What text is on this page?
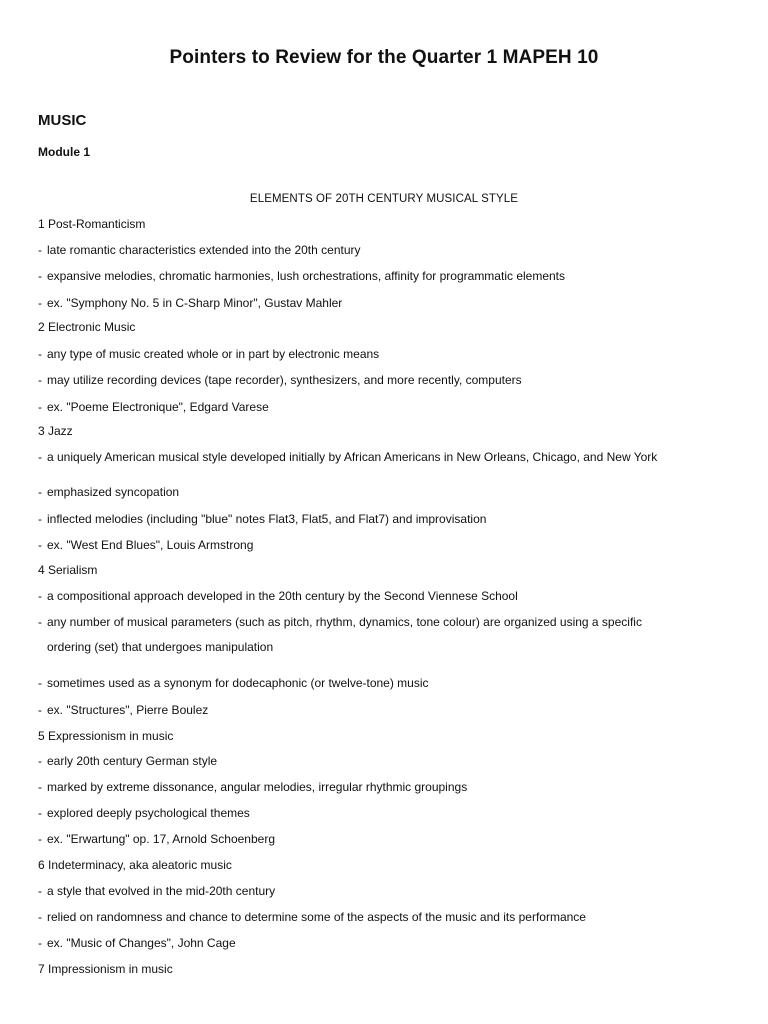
Pointers to Review for the Quarter 1 MAPEH 10
MUSIC
Module 1
ELEMENTS OF 20TH CENTURY MUSICAL STYLE
1 Post-Romanticism
- late romantic characteristics extended into the 20th century
- expansive melodies, chromatic harmonies, lush orchestrations, affinity for programmatic elements
- ex. "Symphony No. 5 in C-Sharp Minor", Gustav Mahler
2 Electronic Music
- any type of music created whole or in part by electronic means
- may utilize recording devices (tape recorder), synthesizers, and more recently, computers
- ex. "Poeme Electronique", Edgard Varese
3 Jazz
- a uniquely American musical style developed initially by African Americans in New Orleans, Chicago, and New York
- emphasized syncopation
- inflected melodies (including "blue" notes Flat3, Flat5, and Flat7) and improvisation
- ex. "West End Blues", Louis Armstrong
4 Serialism
- a compositional approach developed in the 20th century by the Second Viennese School
- any number of musical parameters (such as pitch, rhythm, dynamics, tone colour) are organized using a specific
ordering (set) that undergoes manipulation
- sometimes used as a synonym for dodecaphonic (or twelve-tone) music
- ex. "Structures", Pierre Boulez
5 Expressionism in music
- early 20th century German style
- marked by extreme dissonance, angular melodies, irregular rhythmic groupings
- explored deeply psychological themes
- ex. "Erwartung" op. 17, Arnold Schoenberg
6 Indeterminacy, aka aleatoric music
- a style that evolved in the mid-20th century
- relied on randomness and chance to determine some of the aspects of the music and its performance
- ex. "Music of Changes", John Cage
7 Impressionism in music
